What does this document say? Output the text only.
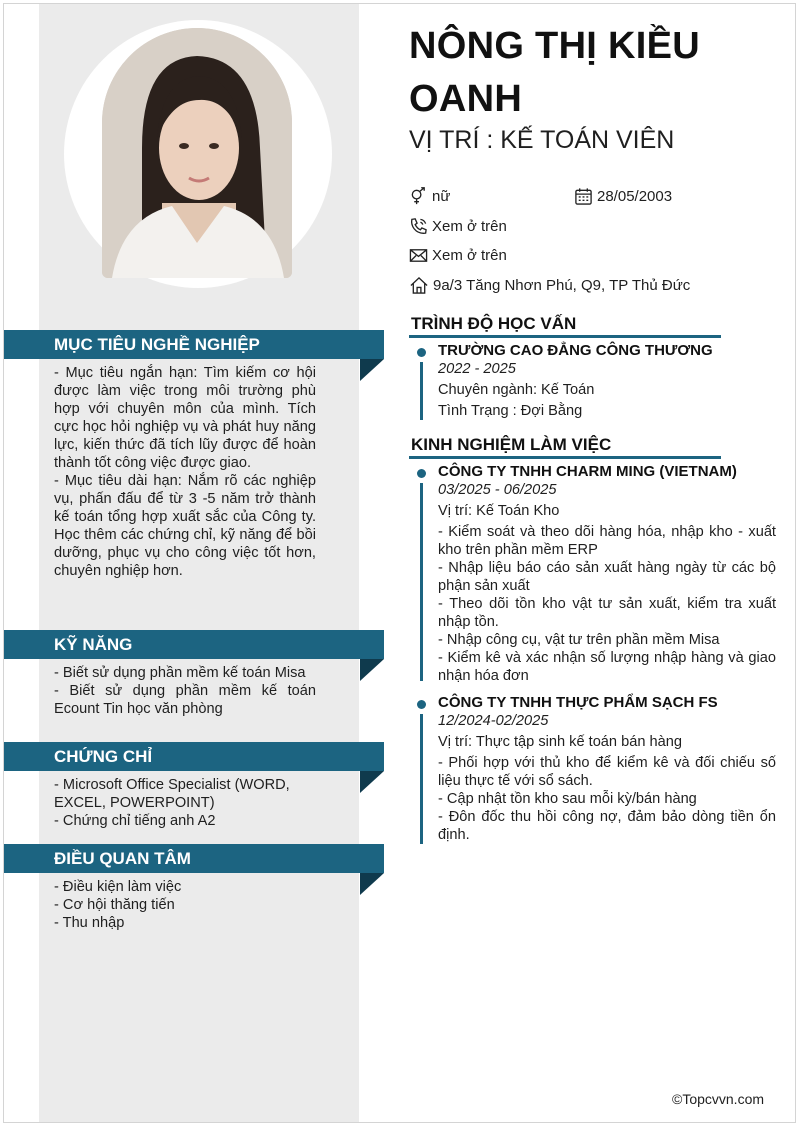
MỤC TIÊU NGHỀ NGHIỆP

- Mục tiêu ngắn hạn: Tìm kiếm cơ hội được làm việc trong môi trường phù hợp với chuyên môn của mình. Tích cực học hỏi nghiệp vụ và phát huy năng lực, kiến thức đã tích lũy được để hoàn thành tốt công việc được giao.

- Mục tiêu dài hạn: Nắm rõ các nghiệp vụ, phấn đấu để từ 3 -5 năm trở thành kế toán tổng hợp xuất sắc của Công ty. Học thêm các chứng chỉ, kỹ năng để bồi dưỡng, phục vụ cho công việc tốt hơn, chuyên nghiệp hơn.

KỸ NĂNG

- Biết sử dụng phần mềm kế toán Misa

- Biết sử dụng phần mềm kế toán Ecount Tin học văn phòng

CHỨNG CHỈ

- Microsoft Office Specialist (WORD, EXCEL, POWERPOINT)

- Chứng chỉ tiếng anh A2

ĐIỀU QUAN TÂM

- Điều kiện làm việc

- Cơ hội thăng tiến

- Thu nhập

NÔNG THỊ KIỀU OANH
VỊ TRÍ : KẾ TOÁN VIÊN
nữ	28/05/2003
Xem ở trên
Xem ở trên
9a/3 Tăng Nhơn Phú, Q9, TP Thủ Đức
TRÌNH ĐỘ HỌC VẤN
TRƯỜNG CAO ĐẲNG CÔNG THƯƠNG
2022 - 2025
Chuyên ngành: Kế Toán
Tình Trạng : Đợi Bằng
KINH NGHIỆM LÀM VIỆC
CÔNG TY TNHH CHARM MING (VIETNAM)
03/2025 - 06/2025
Vị trí: Kế Toán Kho
- Kiểm soát và theo dõi hàng hóa, nhập kho - xuất kho trên phần mềm ERP
- Nhập liệu báo cáo sản xuất hàng ngày từ các bộ phận sản xuất
- Theo dõi tồn kho vật tư sản xuất, kiểm tra xuất nhập tồn.
- Nhập công cụ, vật tư trên phần mềm Misa
- Kiểm kê và xác nhận số lượng nhập hàng và giao nhận hóa đơn
CÔNG TY TNHH THỰC PHẨM SẠCH FS
12/2024-02/2025
Vị trí: Thực tập sinh kế toán bán hàng
- Phối hợp với thủ kho để kiểm kê và đối chiếu số liệu thực tế với sổ sách.
- Cập nhật tồn kho sau mỗi kỳ/bán hàng
- Đôn đốc thu hồi công nợ, đảm bảo dòng tiền ổn định.
©Topcvvn.com
